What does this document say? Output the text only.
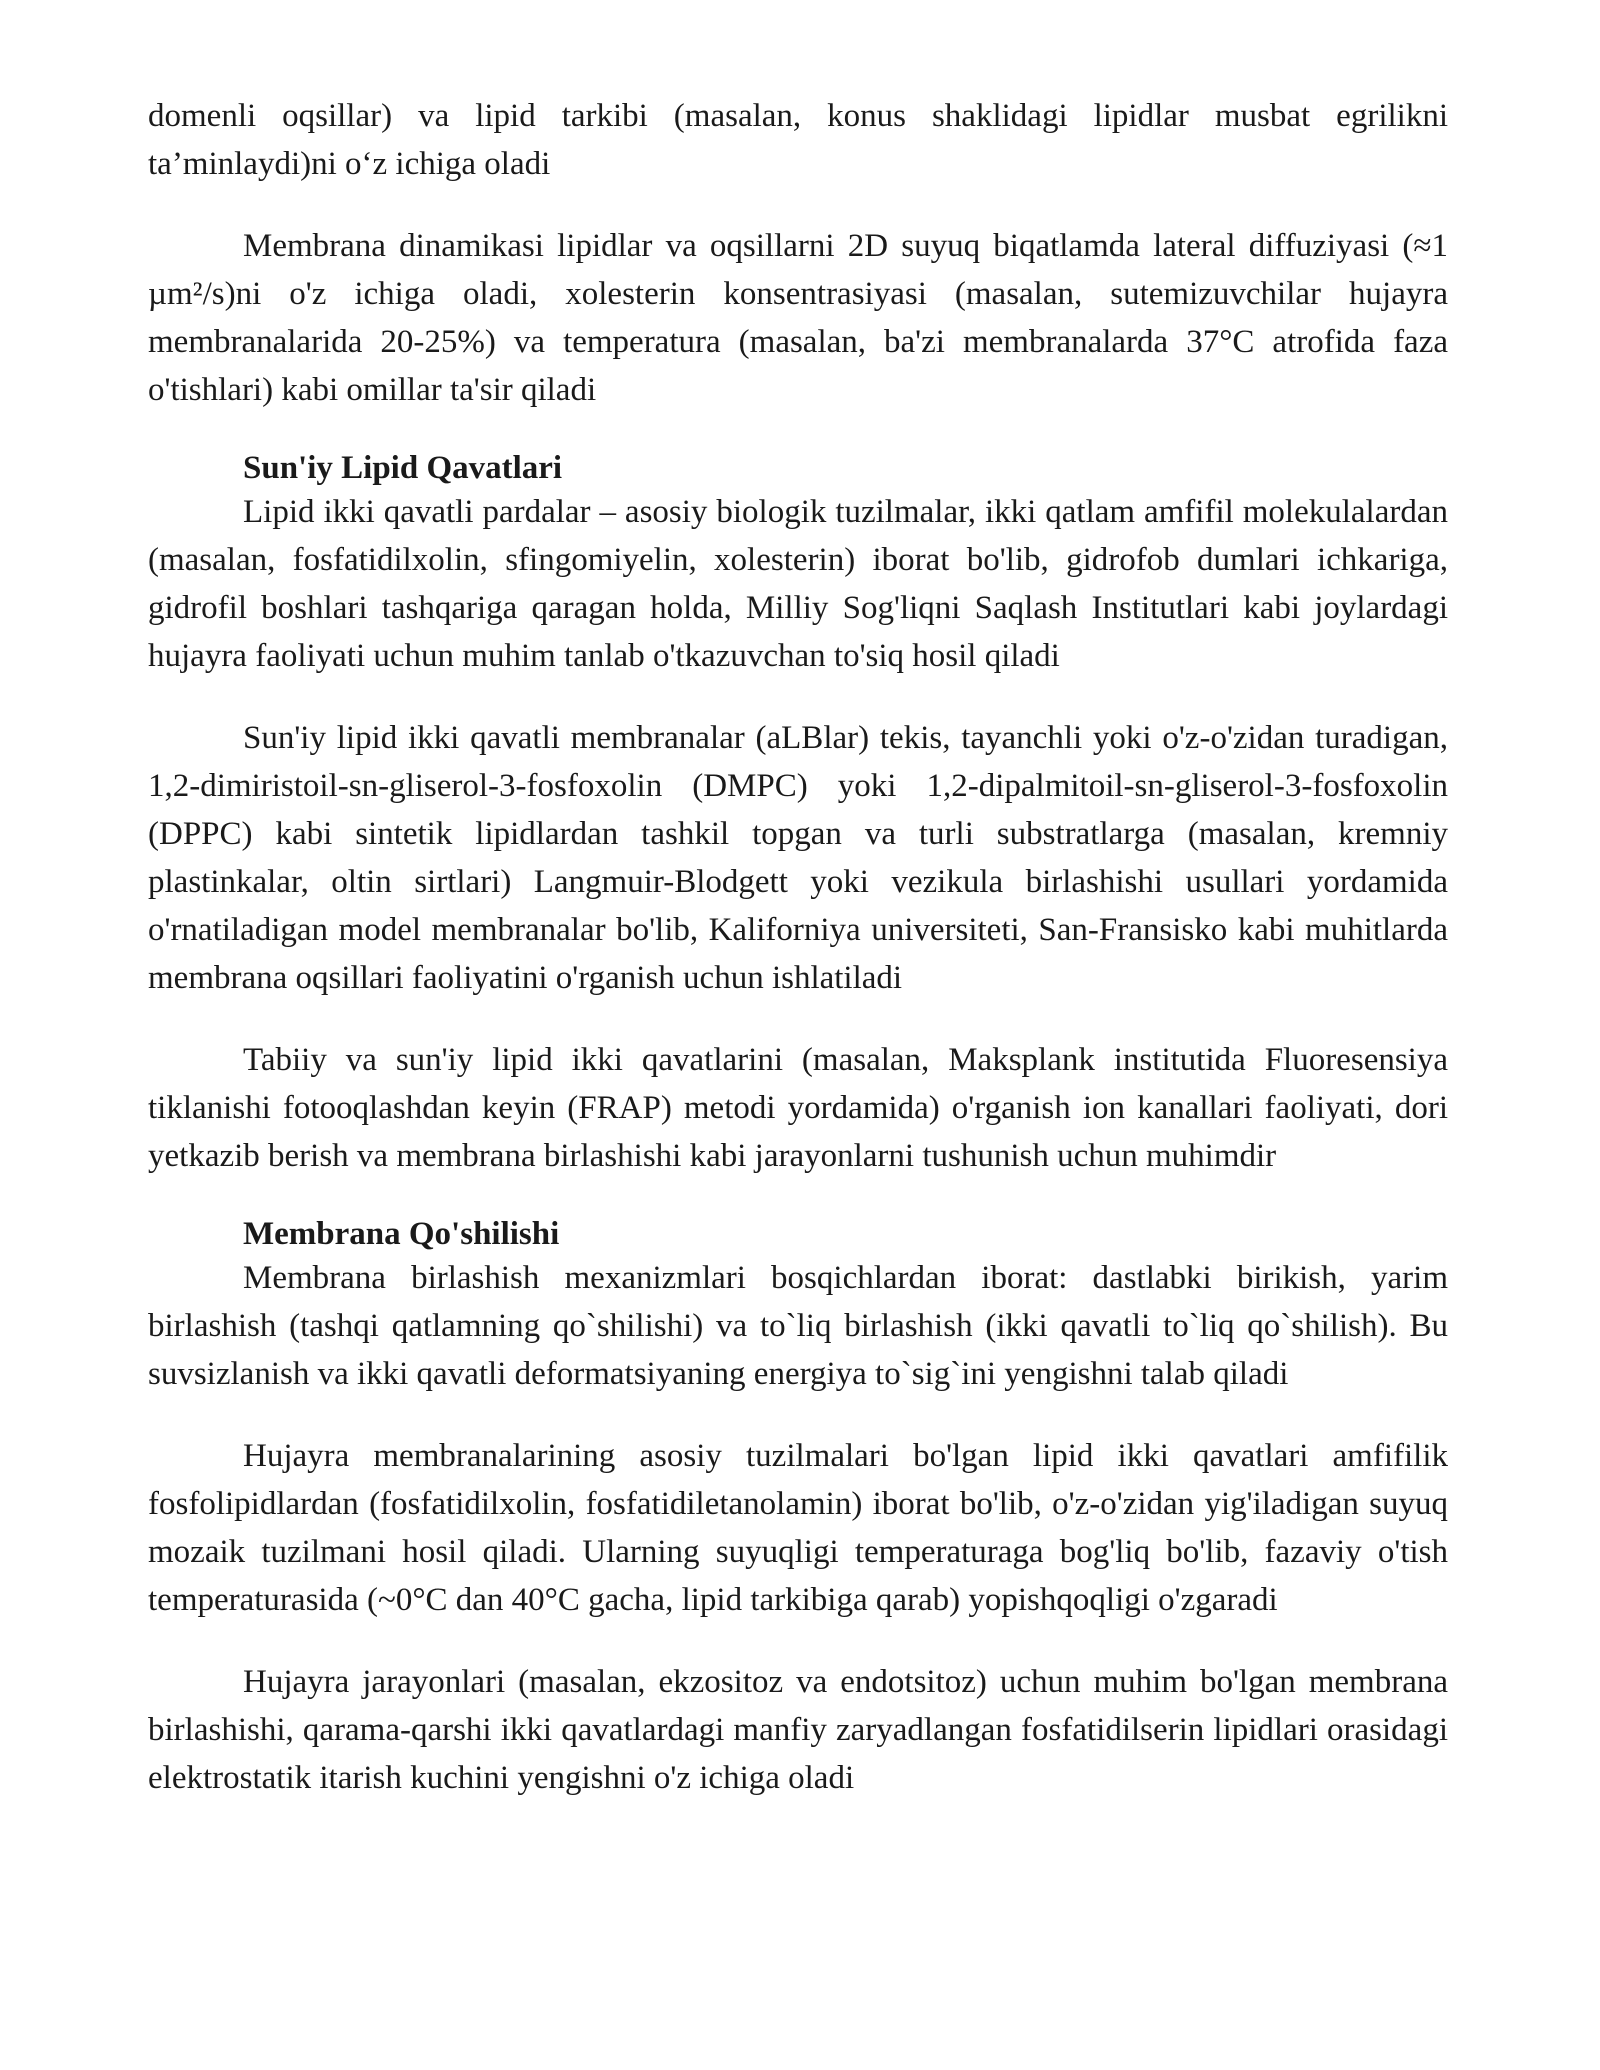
domenli oqsillar) va lipid tarkibi (masalan, konus shaklidagi lipidlar musbat egrilikni ta’minlaydi)ni o‘z ichiga oladi

Membrana dinamikasi lipidlar va oqsillarni 2D suyuq biqatlamda lateral diffuziyasi (≈1 µm²/s)ni o'z ichiga oladi, xolesterin konsentrasiyasi (masalan, sutemizuvchilar hujayra membranalarida 20-25%) va temperatura (masalan, ba'zi membranalarda 37°C atrofida faza o'tishlari) kabi omillar ta'sir qiladi

Sun'iy Lipid Qavatlari

Lipid ikki qavatli pardalar – asosiy biologik tuzilmalar, ikki qatlam amfifil molekulalardan (masalan, fosfatidilxolin, sfingomiyelin, xolesterin) iborat bo'lib, gidrofob dumlari ichkariga, gidrofil boshlari tashqariga qaragan holda, Milliy Sog'liqni Saqlash Institutlari kabi joylardagi hujayra faoliyati uchun muhim tanlab o'tkazuvchan to'siq hosil qiladi

Sun'iy lipid ikki qavatli membranalar (aLBlar) tekis, tayanchli yoki o'z-o'zidan turadigan, 1,2-dimiristoil-sn-gliserol-3-fosfoxolin (DMPC) yoki 1,2-dipalmitoil-sn-gliserol-3-fosfoxolin (DPPC) kabi sintetik lipidlardan tashkil topgan va turli substratlarga (masalan, kremniy plastinkalar, oltin sirtlari) Langmuir-Blodgett yoki vezikula birlashishi usullari yordamida o'rnatiladigan model membranalar bo'lib, Kaliforniya universiteti, San-Fransisko kabi muhitlarda membrana oqsillari faoliyatini o'rganish uchun ishlatiladi

Tabiiy va sun'iy lipid ikki qavatlarini (masalan, Maksplank institutida Fluoresensiya tiklanishi fotooqlashdan keyin (FRAP) metodi yordamida) o'rganish ion kanallari faoliyati, dori yetkazib berish va membrana birlashishi kabi jarayonlarni tushunish uchun muhimdir

Membrana Qo'shilishi

Membrana birlashish mexanizmlari bosqichlardan iborat: dastlabki birikish, yarim birlashish (tashqi qatlamning qo`shilishi) va to`liq birlashish (ikki qavatli to`liq qo`shilish). Bu suvsizlanish va ikki qavatli deformatsiyaning energiya to`sig`ini yengishni talab qiladi

Hujayra membranalarining asosiy tuzilmalari bo'lgan lipid ikki qavatlari amfifilik fosfolipidlardan (fosfatidilxolin, fosfatidiletanolamin) iborat bo'lib, o'z-o'zidan yig'iladigan suyuq mozaik tuzilmani hosil qiladi. Ularning suyuqligi temperaturaga bog'liq bo'lib, fazaviy o'tish temperaturasida (~0°C dan 40°C gacha, lipid tarkibiga qarab) yopishqoqligi o'zgaradi

Hujayra jarayonlari (masalan, ekzositoz va endotsitoz) uchun muhim bo'lgan membrana birlashishi, qarama-qarshi ikki qavatlardagi manfiy zaryadlangan fosfatidilserin lipidlari orasidagi elektrostatik itarish kuchini yengishni o'z ichiga oladi
